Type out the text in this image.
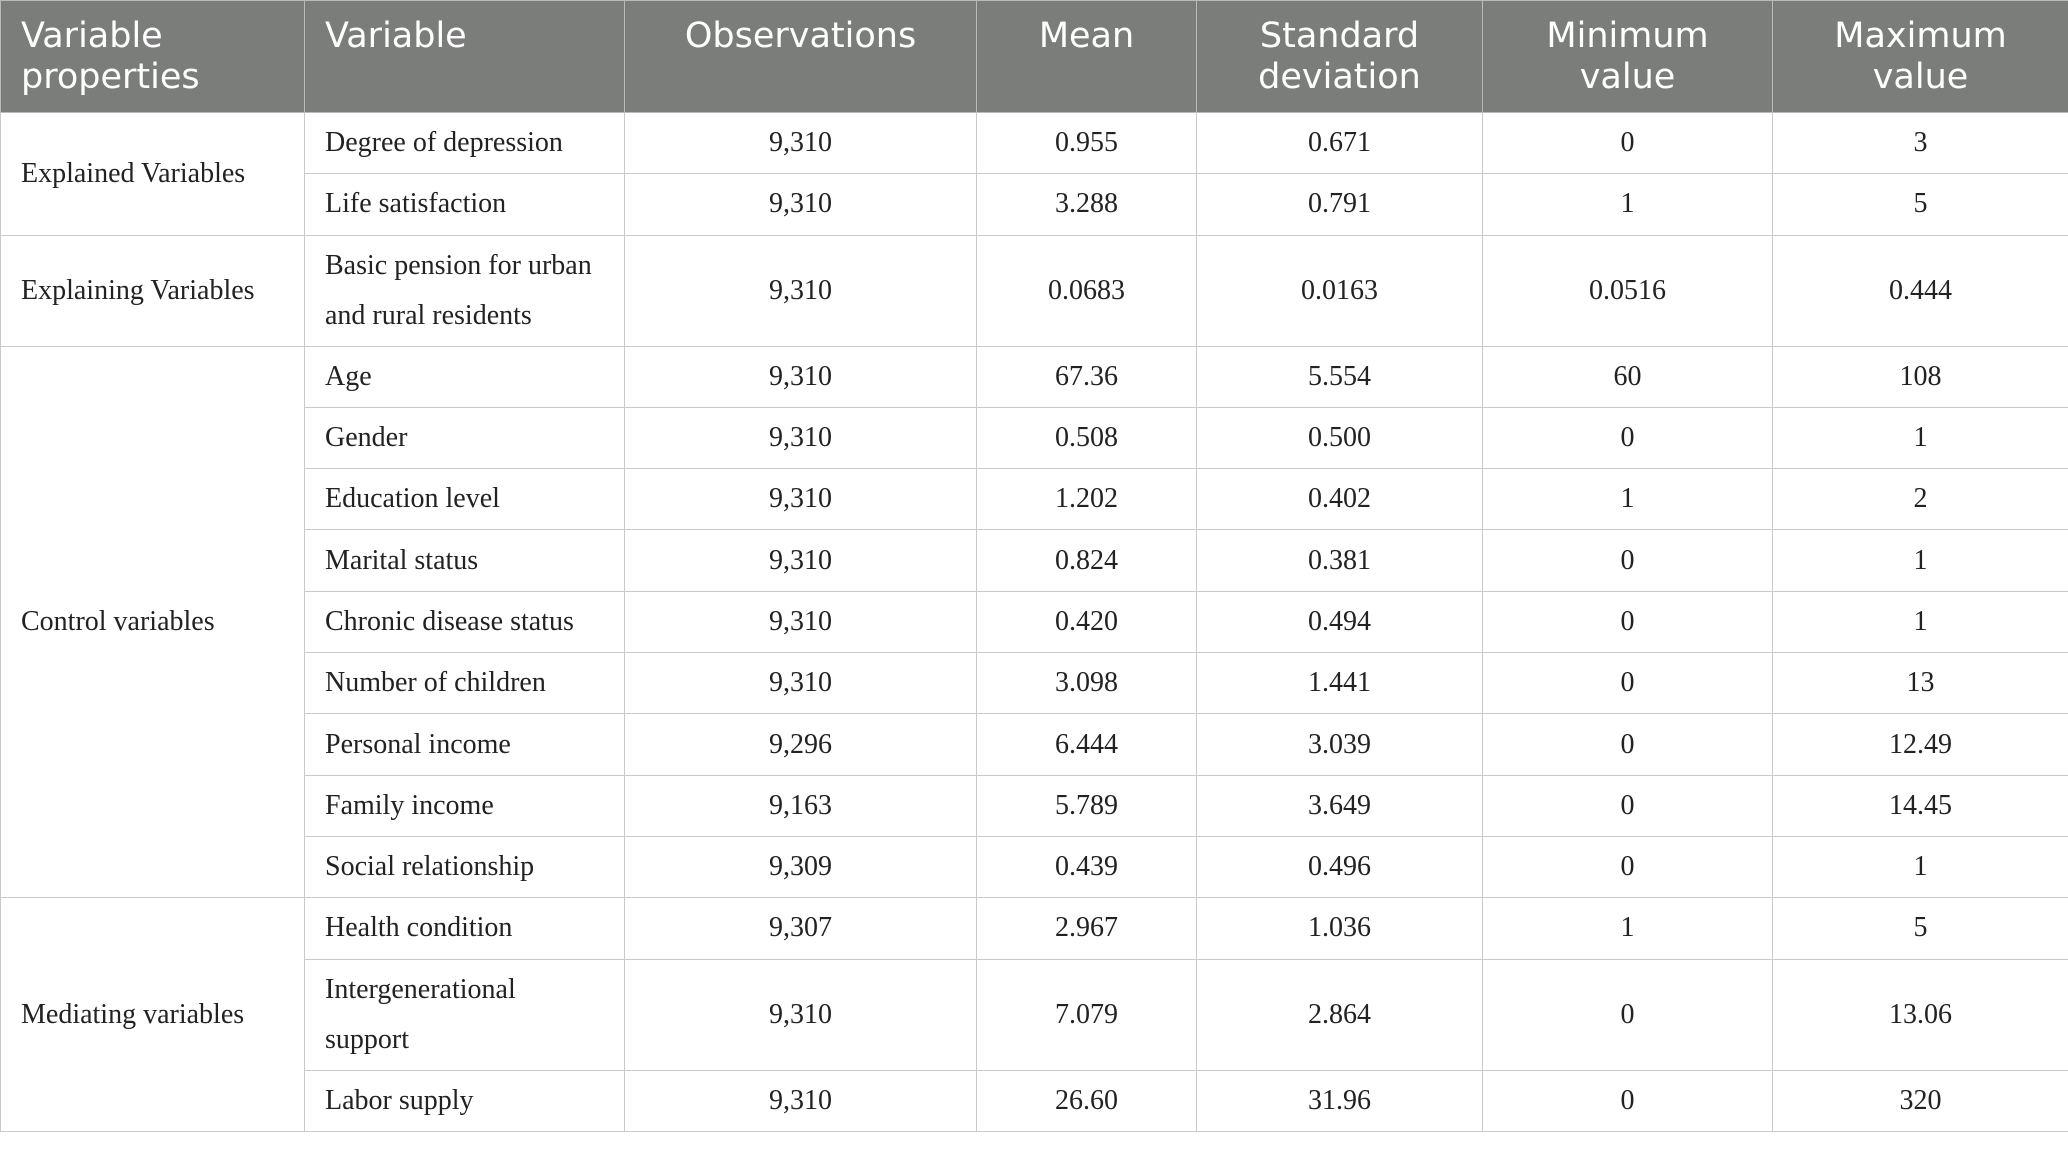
Variable properties	Variable	Observations	Mean	Standard deviation	Minimum value	Maximum value
Explained Variables	Degree of depression	9,310	0.955	0.671	0	3
	Life satisfaction	9,310	3.288	0.791	1	5
Explaining Variables	Basic pension for urban and rural residents	9,310	0.0683	0.0163	0.0516	0.444
Control variables	Age	9,310	67.36	5.554	60	108
	Gender	9,310	0.508	0.500	0	1
	Education level	9,310	1.202	0.402	1	2
	Marital status	9,310	0.824	0.381	0	1
	Chronic disease status	9,310	0.420	0.494	0	1
	Number of children	9,310	3.098	1.441	0	13
	Personal income	9,296	6.444	3.039	0	12.49
	Family income	9,163	5.789	3.649	0	14.45
	Social relationship	9,309	0.439	0.496	0	1
Mediating variables	Health condition	9,307	2.967	1.036	1	5
	Intergenerational support	9,310	7.079	2.864	0	13.06
	Labor supply	9,310	26.60	31.96	0	320
